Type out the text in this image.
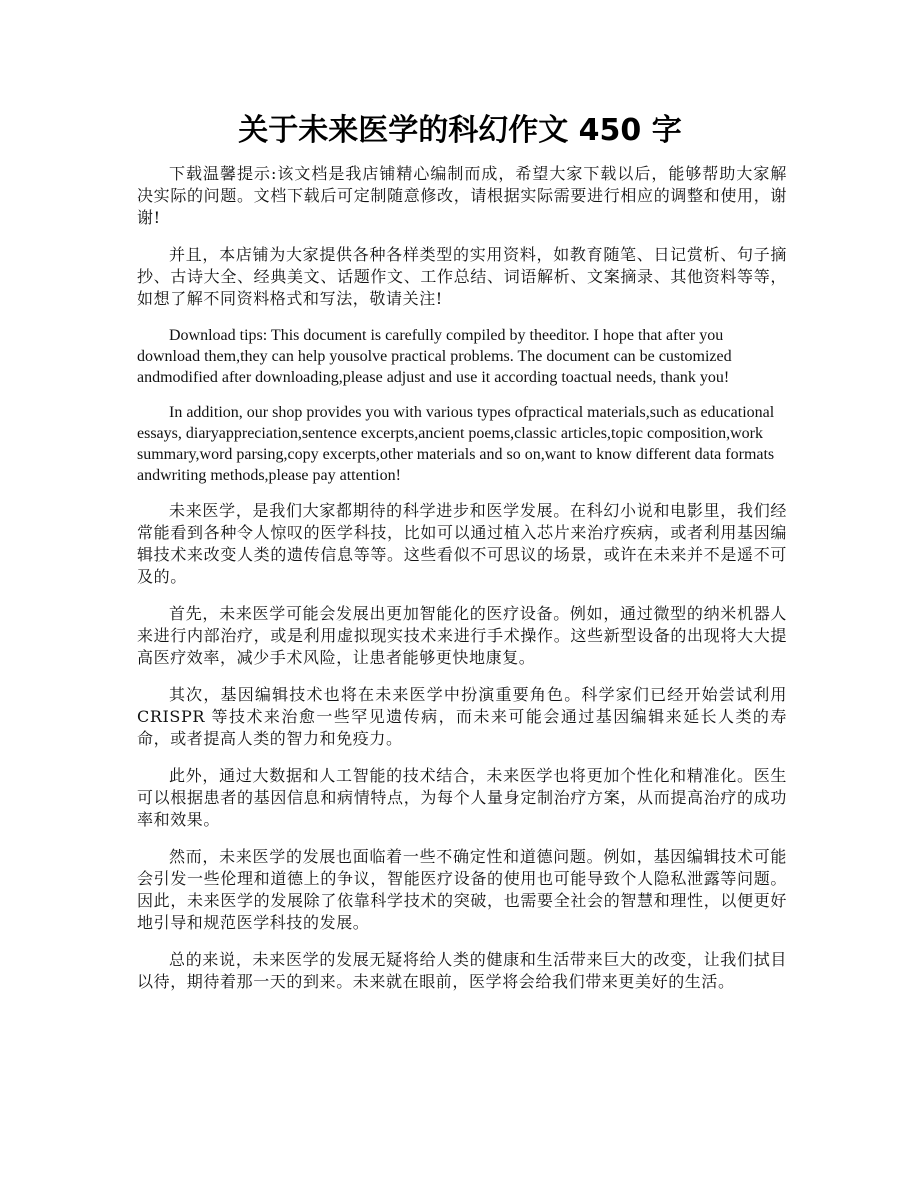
关于未来医学的科幻作文 450 字

下载温馨提示:该文档是我店铺精心编制而成，希望大家下载以后，能够帮助大家解决实际的问题。文档下载后可定制随意修改，请根据实际需要进行相应的调整和使用，谢谢!

并且，本店铺为大家提供各种各样类型的实用资料，如教育随笔、日记赏析、句子摘抄、古诗大全、经典美文、话题作文、工作总结、词语解析、文案摘录、其他资料等等，如想了解不同资料格式和写法，敬请关注!

Download tips: This document is carefully compiled by theeditor. I hope that after you download them,they can help yousolve practical problems. The document can be customized andmodified after downloading,please adjust and use it according toactual needs, thank you!

In addition, our shop provides you with various types ofpractical materials,such as educational essays, diaryappreciation,sentence excerpts,ancient poems,classic articles,topic composition,work summary,word parsing,copy excerpts,other materials and so on,want to know different data formats andwriting methods,please pay attention!

未来医学，是我们大家都期待的科学进步和医学发展。在科幻小说和电影里，我们经常能看到各种令人惊叹的医学科技，比如可以通过植入芯片来治疗疾病，或者利用基因编辑技术来改变人类的遗传信息等等。这些看似不可思议的场景，或许在未来并不是遥不可及的。

首先，未来医学可能会发展出更加智能化的医疗设备。例如，通过微型的纳米机器人来进行内部治疗，或是利用虚拟现实技术来进行手术操作。这些新型设备的出现将大大提高医疗效率，减少手术风险，让患者能够更快地康复。

其次，基因编辑技术也将在未来医学中扮演重要角色。科学家们已经开始尝试利用 CRISPR 等技术来治愈一些罕见遗传病，而未来可能会通过基因编辑来延长人类的寿命，或者提高人类的智力和免疫力。

此外，通过大数据和人工智能的技术结合，未来医学也将更加个性化和精准化。医生可以根据患者的基因信息和病情特点，为每个人量身定制治疗方案，从而提高治疗的成功率和效果。

然而，未来医学的发展也面临着一些不确定性和道德问题。例如，基因编辑技术可能会引发一些伦理和道德上的争议，智能医疗设备的使用也可能导致个人隐私泄露等问题。因此，未来医学的发展除了依靠科学技术的突破，也需要全社会的智慧和理性，以便更好地引导和规范医学科技的发展。

总的来说，未来医学的发展无疑将给人类的健康和生活带来巨大的改变，让我们拭目以待，期待着那一天的到来。未来就在眼前，医学将会给我们带来更美好的生活。
